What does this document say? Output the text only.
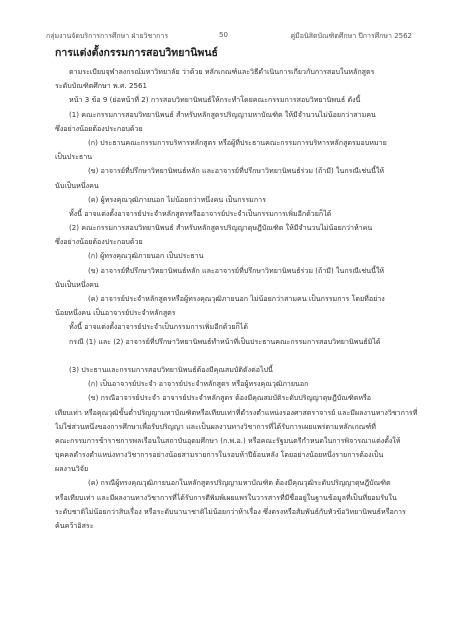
กลุ่มงานจัดบริการการศึกษา ฝ่ายวิชาการ	50	คู่มือนิสิตบัณฑิตศึกษา ปีการศึกษา 2562
การแต่งตั้งกรรมการสอบวิทยานิพนธ์
ตามระเบียบจุฬาลงกรณ์มหาวิทยาลัย ว่าด้วย หลักเกณฑ์และวิธีดำเนินการเกี่ยวกับการสอบในหลักสูตร
ระดับบัณฑิตศึกษา พ.ศ. 2561
หน้า 3 ข้อ 9 (ย่อหน้าที่ 2) การสอบวิทยานิพนธ์ให้กระทำโดยคณะกรรมการสอบวิทยานิพนธ์ ดังนี้
(1) คณะกรรมการสอบวิทยานิพนธ์ สำหรับหลักสูตรปริญญามหาบัณฑิต ให้มีจำนวนไม่น้อยกว่าสามคน
ซึ่งอย่างน้อยต้องประกอบด้วย
(ก) ประธานคณะกรรมการบริหารหลักสูตร หรือผู้ที่ประธานคณะกรรมการบริหารหลักสูตรมอบหมาย
เป็นประธาน
(ข) อาจารย์ที่ปรึกษาวิทยานิพนธ์หลัก และอาจารย์ที่ปรึกษาวิทยานิพนธ์ร่วม (ถ้ามี) ในกรณีเช่นนี้ให้
นับเป็นหนึ่งคน
(ค) ผู้ทรงคุณวุฒิภายนอก ไม่น้อยกว่าหนึ่งคน เป็นกรรมการ
ทั้งนี้ อาจแต่งตั้งอาจารย์ประจำหลักสูตรหรืออาจารย์ประจำเป็นกรรมการเพิ่มอีกด้วยก็ได้
(2) คณะกรรมการสอบวิทยานิพนธ์ สำหรับหลักสูตรปริญญาดุษฎีบัณฑิต ให้มีจำนวนไม่น้อยกว่าห้าคน
ซึ่งอย่างน้อยต้องประกอบด้วย
(ก) ผู้ทรงคุณวุฒิภายนอก เป็นประธาน
(ข) อาจารย์ที่ปรึกษาวิทยานิพนธ์หลัก และอาจารย์ที่ปรึกษาวิทยานิพนธ์ร่วม (ถ้ามี) ในกรณีเช่นนี้ให้
นับเป็นหนึ่งคน
(ค) อาจารย์ประจำหลักสูตรหรือผู้ทรงคุณวุฒิภายนอก ไม่น้อยกว่าสามคน เป็นกรรมการ โดยที่อย่าง
น้อยหนึ่งคน เป็นอาจารย์ประจำหลักสูตร
ทั้งนี้ อาจแต่งตั้งอาจารย์ประจำเป็นกรรมการเพิ่มอีกด้วยก็ได้
กรณี (1) และ (2) อาจารย์ที่ปรึกษาวิทยานิพนธ์ทำหน้าที่เป็นประธานคณะกรรมการสอบวิทยานิพนธ์มิได้
(3) ประธานและกรรมการสอบวิทยานิพนธ์ต้องมีคุณสมบัติดังต่อไปนี้
(ก) เป็นอาจารย์ประจำ อาจารย์ประจำหลักสูตร หรือผู้ทรงคุณวุฒิภายนอก
(ข) กรณีอาจารย์ประจำ อาจารย์ประจำหลักสูตร ต้องมีคุณสมบัติระดับปริญญาดุษฎีบัณฑิตหรือ
เทียบเท่า หรือคุณวุฒิขั้นต่ำปริญญามหาบัณฑิตหรือเทียบเท่าที่ดำรงตำแหน่งรองศาสตราจารย์ และมีผลงานทางวิชาการที่
ไม่ใช่ส่วนหนึ่งของการศึกษาเพื่อรับปริญญา และเป็นผลงานทางวิชาการที่ได้รับการเผยแพร่ตามหลักเกณฑ์ที่
คณะกรรมการข้าราชการพลเรือนในสถาบันอุดมศึกษา (ก.พ.อ.) หรือคณะรัฐมนตรีกำหนดในการพิจารณาแต่งตั้งให้
บุคคลดำรงตำแหน่งทางวิชาการอย่างน้อยสามรายการในรอบห้าปีย้อนหลัง โดยอย่างน้อยหนึ่งรายการต้องเป็น
ผลงานวิจัย
(ค) กรณีผู้ทรงคุณวุฒิภายนอกในหลักสูตรปริญญามหาบัณฑิต ต้องมีคุณวุฒิระดับปริญญาดุษฎีบัณฑิต
หรือเทียบเท่า และมีผลงานทางวิชาการที่ได้รับการตีพิมพ์เผยแพร่ในวารสารที่มีชื่ออยู่ในฐานข้อมูลที่เป็นที่ยอมรับใน
ระดับชาติไม่น้อยกว่าสิบเรื่อง หรือระดับนานาชาติไม่น้อยกว่าห้าเรื่อง ซึ่งตรงหรือสัมพันธ์กับหัวข้อวิทยานิพนธ์หรือการ
ค้นคว้าอิสระ
